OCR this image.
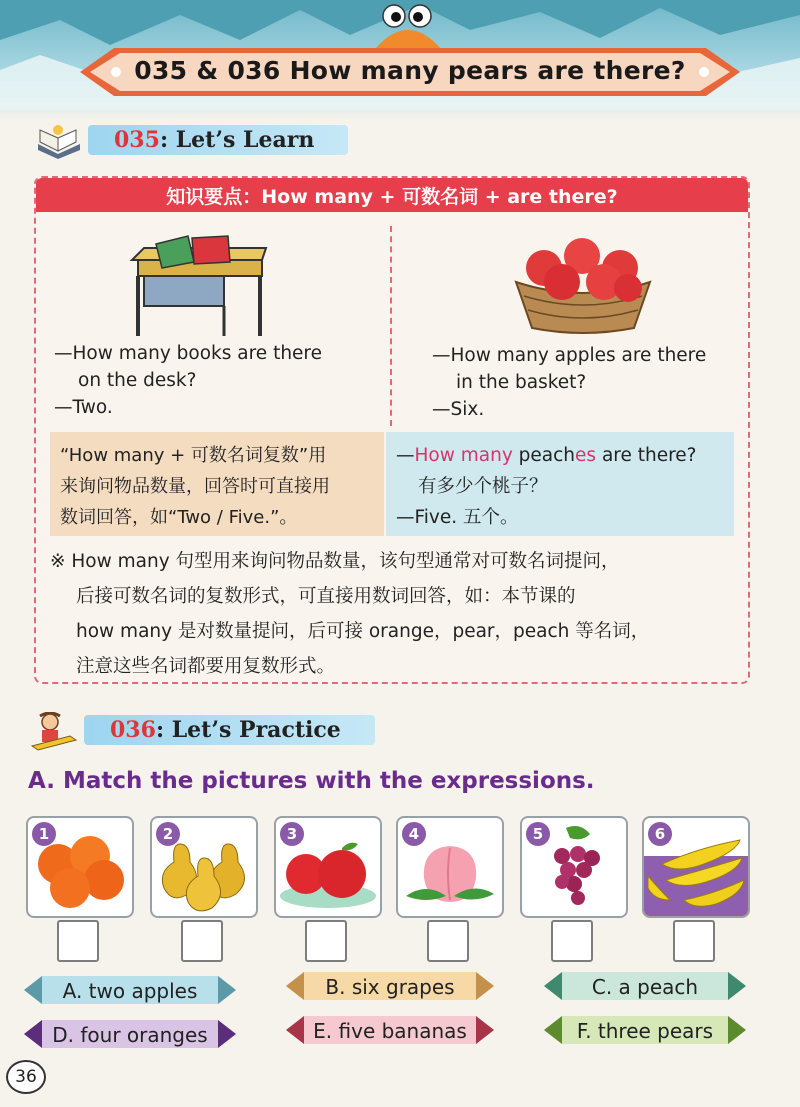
035 & 036 How many pears are there?
035 : Let’s Learn
知识要点：How many + 可数名词 + are there?
—How many books are there
on the desk?
—Two.
—How many apples are there
in the basket?
—Six.
“How many + 可数名词复数”用
来询问物品数量，回答时可直接用
数词回答，如“Two / Five.”。
—How many peaches are there?
有多少个桃子？
—Five. 五个。
※ How many 句型用来询问物品数量，该句型通常对可数名词提问，
后接可数名词的复数形式，可直接用数词回答，如：本节课的
how many 是对数量提问，后可接 orange，pear，peach 等名词，
注意这些名词都要用复数形式。
036 : Let’s Practice
A. Match the pictures with the expressions.
1	2	3	4	5	6
A. two apples	B. six grapes	C. a peach
D. four oranges	E. five bananas	F. three pears
36
